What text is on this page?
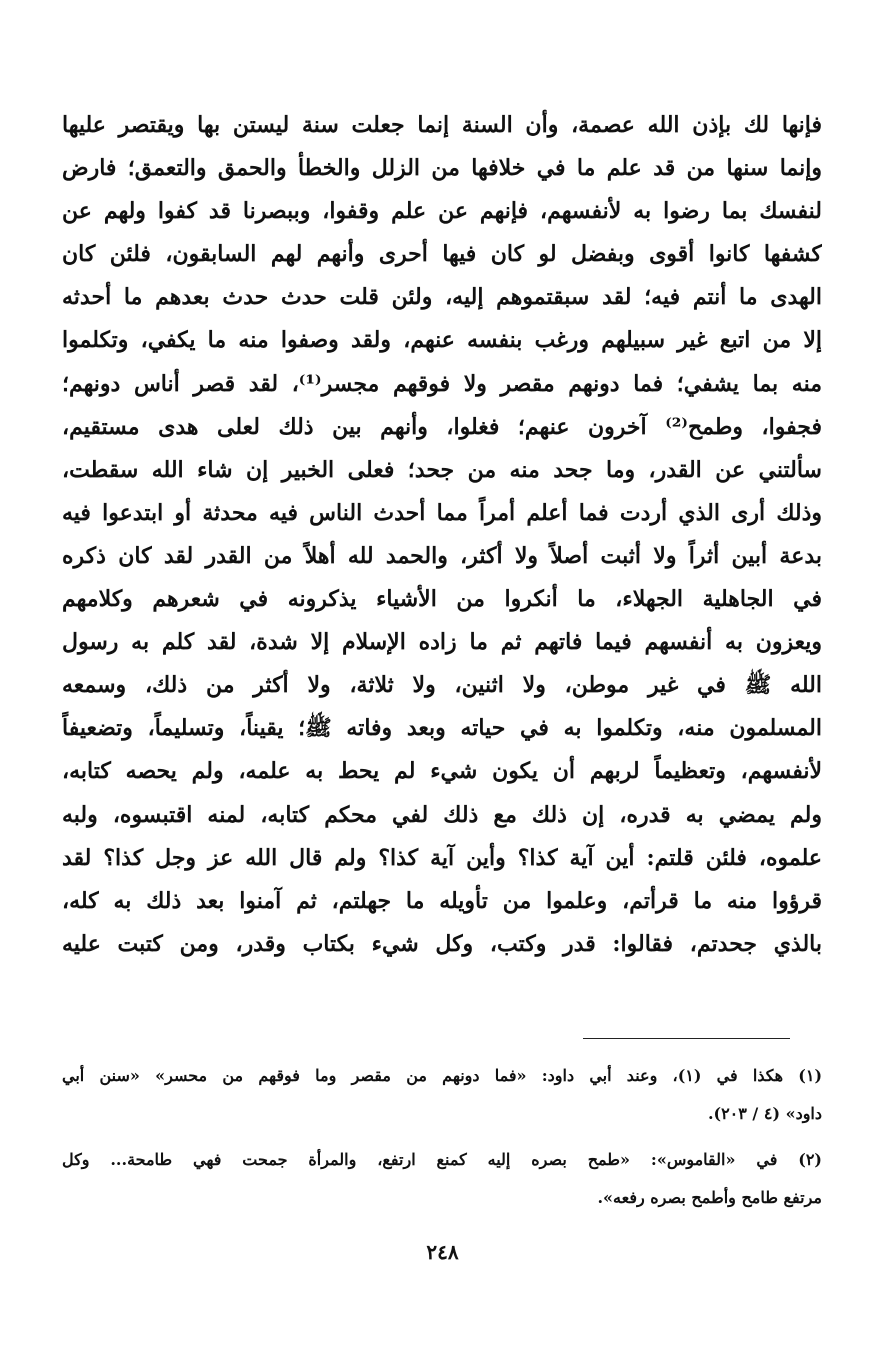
فإنها لك بإذن الله عصمة، وأن السنة إنما جعلت سنة ليستن بها ويقتصر عليها
وإنما سنها من قد علم ما في خلافها من الزلل والخطأ والحمق والتعمق؛ فارض
لنفسك بما رضوا به لأنفسهم، فإنهم عن علم وقفوا، وببصرنا قد كفوا ولهم عن
كشفها كانوا أقوى وبفضل لو كان فيها أحرى وأنهم لهم السابقون، فلئن كان
الهدى ما أنتم فيه؛ لقد سبقتموهم إليه، ولئن قلت حدث حدث بعدهم ما أحدثه
إلا من اتبع غير سبيلهم ورغب بنفسه عنهم، ولقد وصفوا منه ما يكفي، وتكلموا
منه بما يشفي؛ فما دونهم مقصر ولا فوقهم مجسر⁽¹⁾، لقد قصر أناس دونهم؛
فجفوا، وطمح⁽²⁾ آخرون عنهم؛ فغلوا، وأنهم بين ذلك لعلى هدى مستقيم،
سألتني عن القدر، وما جحد منه من جحد؛ فعلى الخبير إن شاء الله سقطت،
وذلك أرى الذي أردت فما أعلم أمراً مما أحدث الناس فيه محدثة أو ابتدعوا فيه
بدعة أبين أثراً ولا أثبت أصلاً ولا أكثر، والحمد لله أهلاً من القدر لقد كان ذكره
في الجاهلية الجهلاء، ما أنكروا من الأشياء يذكرونه في شعرهم وكلامهم
ويعزون به أنفسهم فيما فاتهم ثم ما زاده الإسلام إلا شدة، لقد كلم به رسول
الله ﷺ في غير موطن، ولا اثنين، ولا ثلاثة، ولا أكثر من ذلك، وسمعه
المسلمون منه، وتكلموا به في حياته وبعد وفاته ﷺ؛ يقيناً، وتسليماً، وتضعيفاً
لأنفسهم، وتعظيماً لربهم أن يكون شيء لم يحط به علمه، ولم يحصه كتابه،
ولم يمضي به قدره، إن ذلك مع ذلك لفي محكم كتابه، لمنه اقتبسوه، ولبه
علموه، فلئن قلتم: أين آية كذا؟ وأين آية كذا؟ ولم قال الله عز وجل كذا؟ لقد
قرؤوا منه ما قرأتم، وعلموا من تأويله ما جهلتم، ثم آمنوا بعد ذلك به كله،
بالذي جحدتم، فقالوا: قدر وكتب، وكل شيء بكتاب وقدر، ومن كتبت عليه
(١) هكذا في (١)، وعند أبي داود: «فما دونهم من مقصر وما فوقهم من محسر» «سنن أبي
داود» (٤ / ٢٠٣).
(٢) في «القاموس»: «طمح بصره إليه كمنع ارتفع، والمرأة جمحت فهي طامحة... وكل
مرتفع طامح وأطمح بصره رفعه».
٢٤٨
